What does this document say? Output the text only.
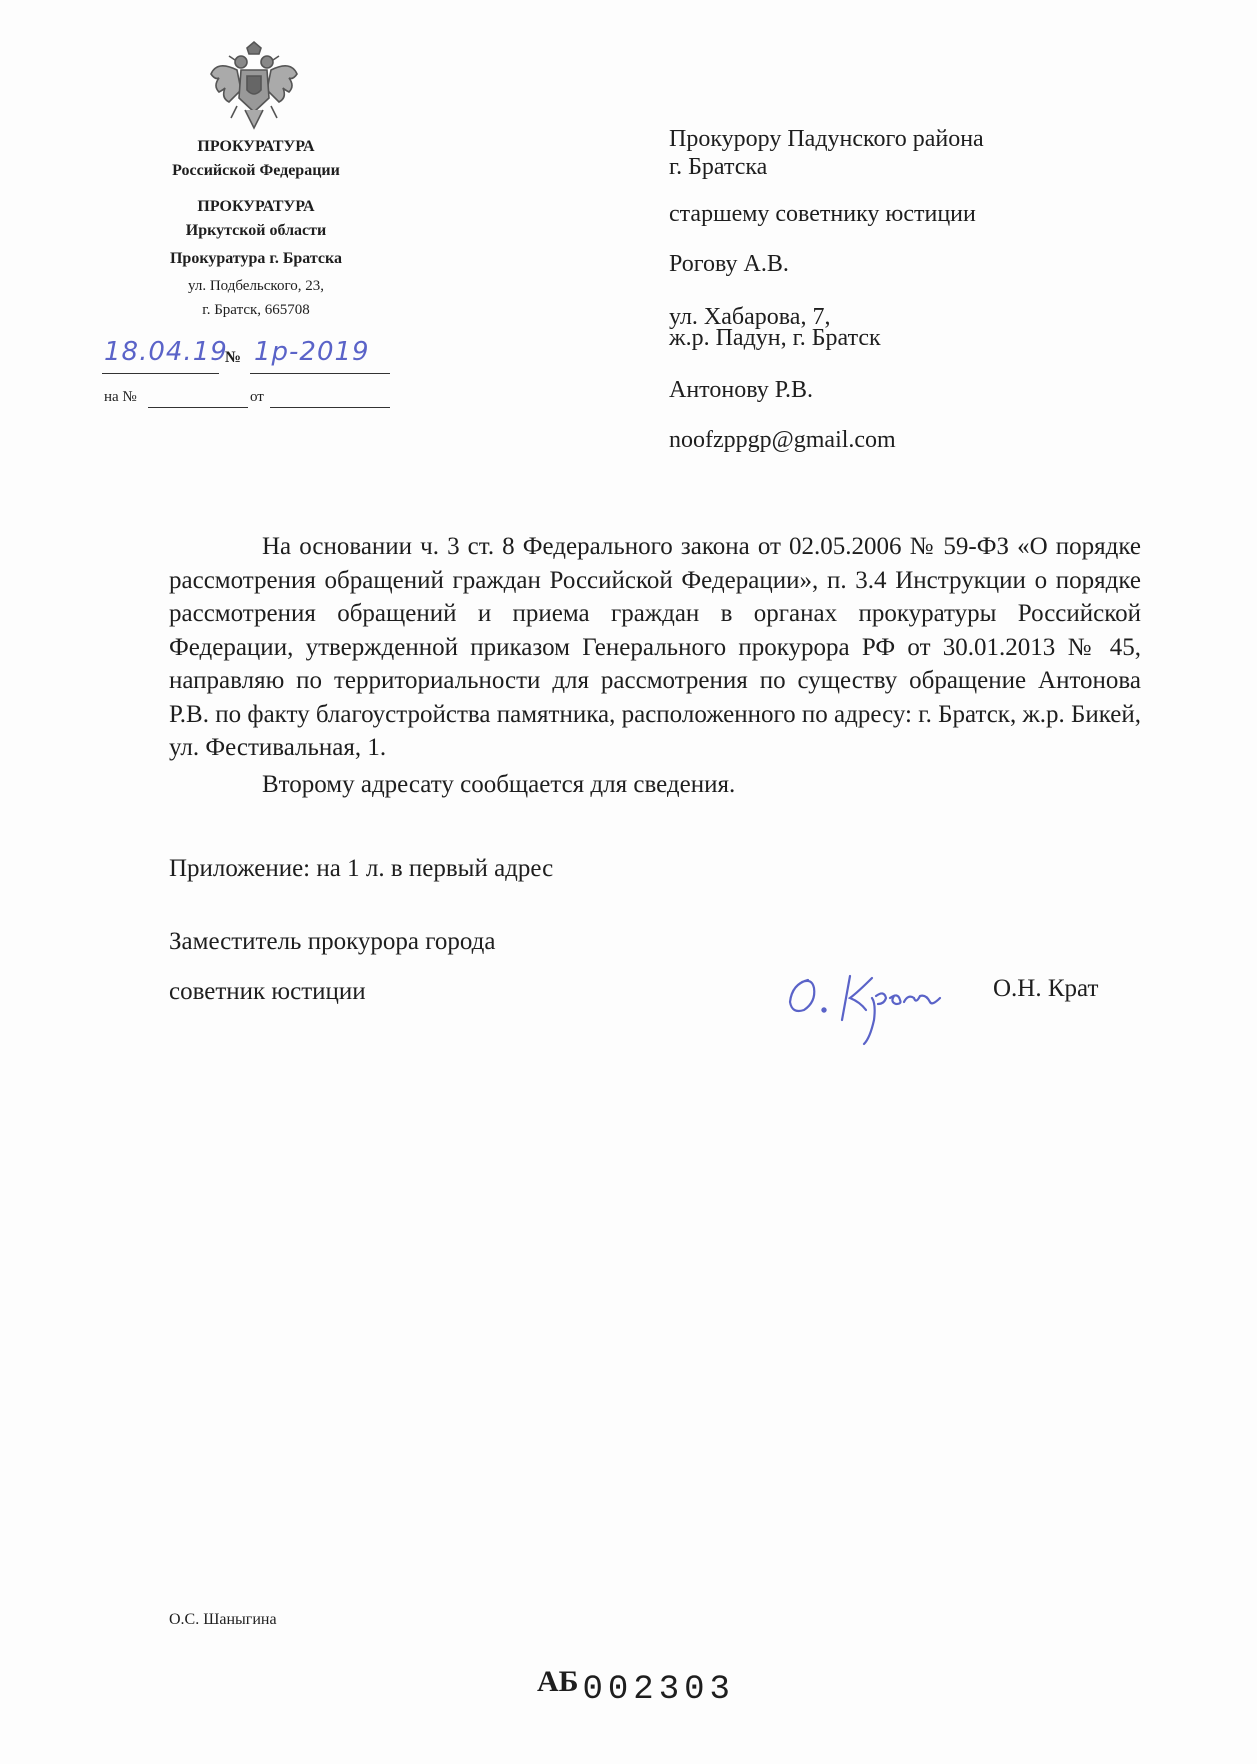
ПРОКУРАТУРА
Российской Федерации
ПРОКУРАТУРА
Иркутской области
Прокуратура г. Братска
ул. Подбельского, 23,
г. Братск, 665708
18.04.19
№ 1р-2019
на №	от
Прокурору Падунского района
г. Братска
старшему советнику юстиции
Рогову А.В.
ул. Хабарова, 7,
ж.р. Падун, г. Братск
Антонову Р.В.
noofzppgp@gmail.com

На основании ч. 3 ст. 8 Федерального закона от 02.05.2006 № 59-ФЗ «О порядке рассмотрения обращений граждан Российской Федерации», п. 3.4 Инструкции о порядке рассмотрения обращений и приема граждан в органах прокуратуры Российской Федерации, утвержденной приказом Генерального прокурора РФ от 30.01.2013 № 45, направляю по территориальности для рассмотрения по существу обращение Антонова Р.В. по факту благоустройства памятника, расположенного по адресу: г. Братск, ж.р. Бикей, ул. Фестивальная, 1.

Второму адресату сообщается для сведения.

Приложение: на 1 л. в первый адрес
Заместитель прокурора города
советник юстиции	О.Н. Крат
О.С. Шаныгина
АБ 002303
